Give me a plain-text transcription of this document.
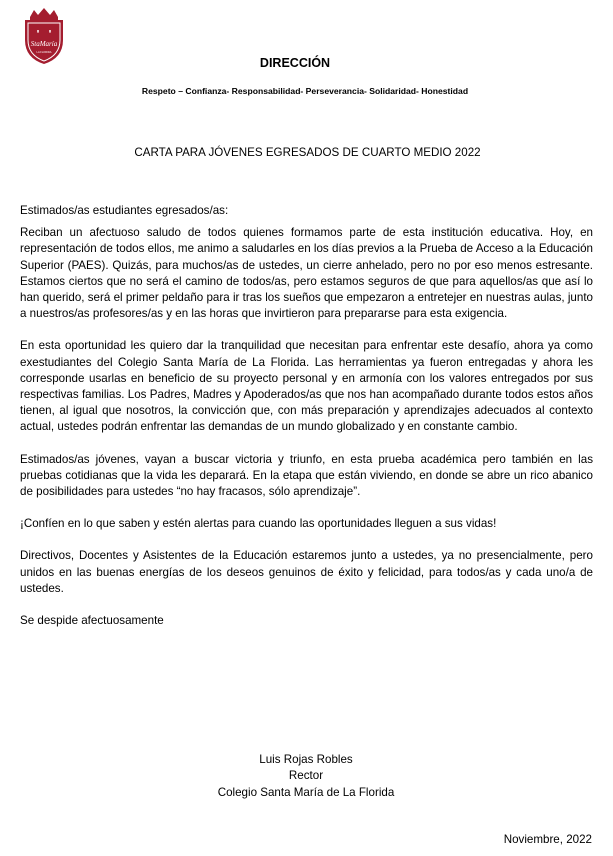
StaMaría
LA FLORIDA
DIRECCIÓN
Respeto – Confianza- Responsabilidad- Perseverancia- Solidaridad- Honestidad
CARTA PARA JÓVENES EGRESADOS DE CUARTO MEDIO 2022

Estimados/as estudiantes egresados/as:

Reciban un afectuoso saludo de todos quienes formamos parte de esta institución educativa. Hoy, en representación de todos ellos, me animo a saludarles en los días previos a la Prueba de Acceso a la Educación Superior (PAES). Quizás, para muchos/as de ustedes, un cierre anhelado, pero no por eso menos estresante. Estamos ciertos que no será el camino de todos/as, pero estamos seguros de que para aquellos/as que así lo han querido, será el primer peldaño para ir tras los sueños que empezaron a entretejer en nuestras aulas, junto a nuestros/as profesores/as y en las horas que invirtieron para prepararse para esta exigencia.

En esta oportunidad les quiero dar la tranquilidad que necesitan para enfrentar este desafío, ahora ya como exestudiantes del Colegio Santa María de La Florida. Las herramientas ya fueron entregadas y ahora les corresponde usarlas en beneficio de su proyecto personal y en armonía con los valores entregados por sus respectivas familias. Los Padres, Madres y Apoderados/as que nos han acompañado durante todos estos años tienen, al igual que nosotros, la convicción que, con más preparación y aprendizajes adecuados al contexto actual, ustedes podrán enfrentar las demandas de un mundo globalizado y en constante cambio.

Estimados/as jóvenes, vayan a buscar victoria y triunfo, en esta prueba académica pero también en las pruebas cotidianas que la vida les deparará. En la etapa que están viviendo, en donde se abre un rico abanico de posibilidades para ustedes “no hay fracasos, sólo aprendizaje”.

¡Confíen en lo que saben y estén alertas para cuando las oportunidades lleguen a sus vidas!

Directivos, Docentes y Asistentes de la Educación estaremos junto a ustedes, ya no presencialmente, pero unidos en las buenas energías de los deseos genuinos de éxito y felicidad, para todos/as y cada uno/a de ustedes.

Se despide afectuosamente

Luis Rojas Robles
Rector
Colegio Santa María de La Florida
Noviembre, 2022
